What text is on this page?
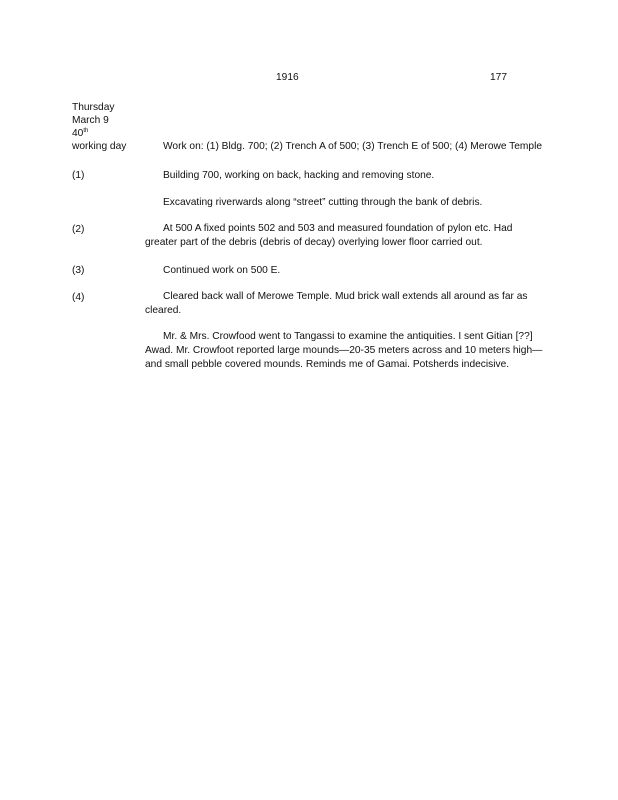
1916	177
Thursday
March 9
40th
working day	Work on: (1) Bldg. 700; (2) Trench A of 500; (3) Trench E of 500; (4) Merowe Temple
(1)	Building 700, working on back, hacking and removing stone.
Excavating riverwards along “street” cutting through the bank of debris.
(2)	At 500 A fixed points 502 and 503 and measured foundation of pylon etc. Had greater part of the debris (debris of decay) overlying lower floor carried out.
(3)	Continued work on 500 E.
(4)	Cleared back wall of Merowe Temple. Mud brick wall extends all around as far as cleared.
Mr. & Mrs. Crowfood went to Tangassi to examine the antiquities. I sent Gitian [??] Awad. Mr. Crowfoot reported large mounds—20-35 meters across and 10 meters high—and small pebble covered mounds. Reminds me of Gamai. Potsherds indecisive.
